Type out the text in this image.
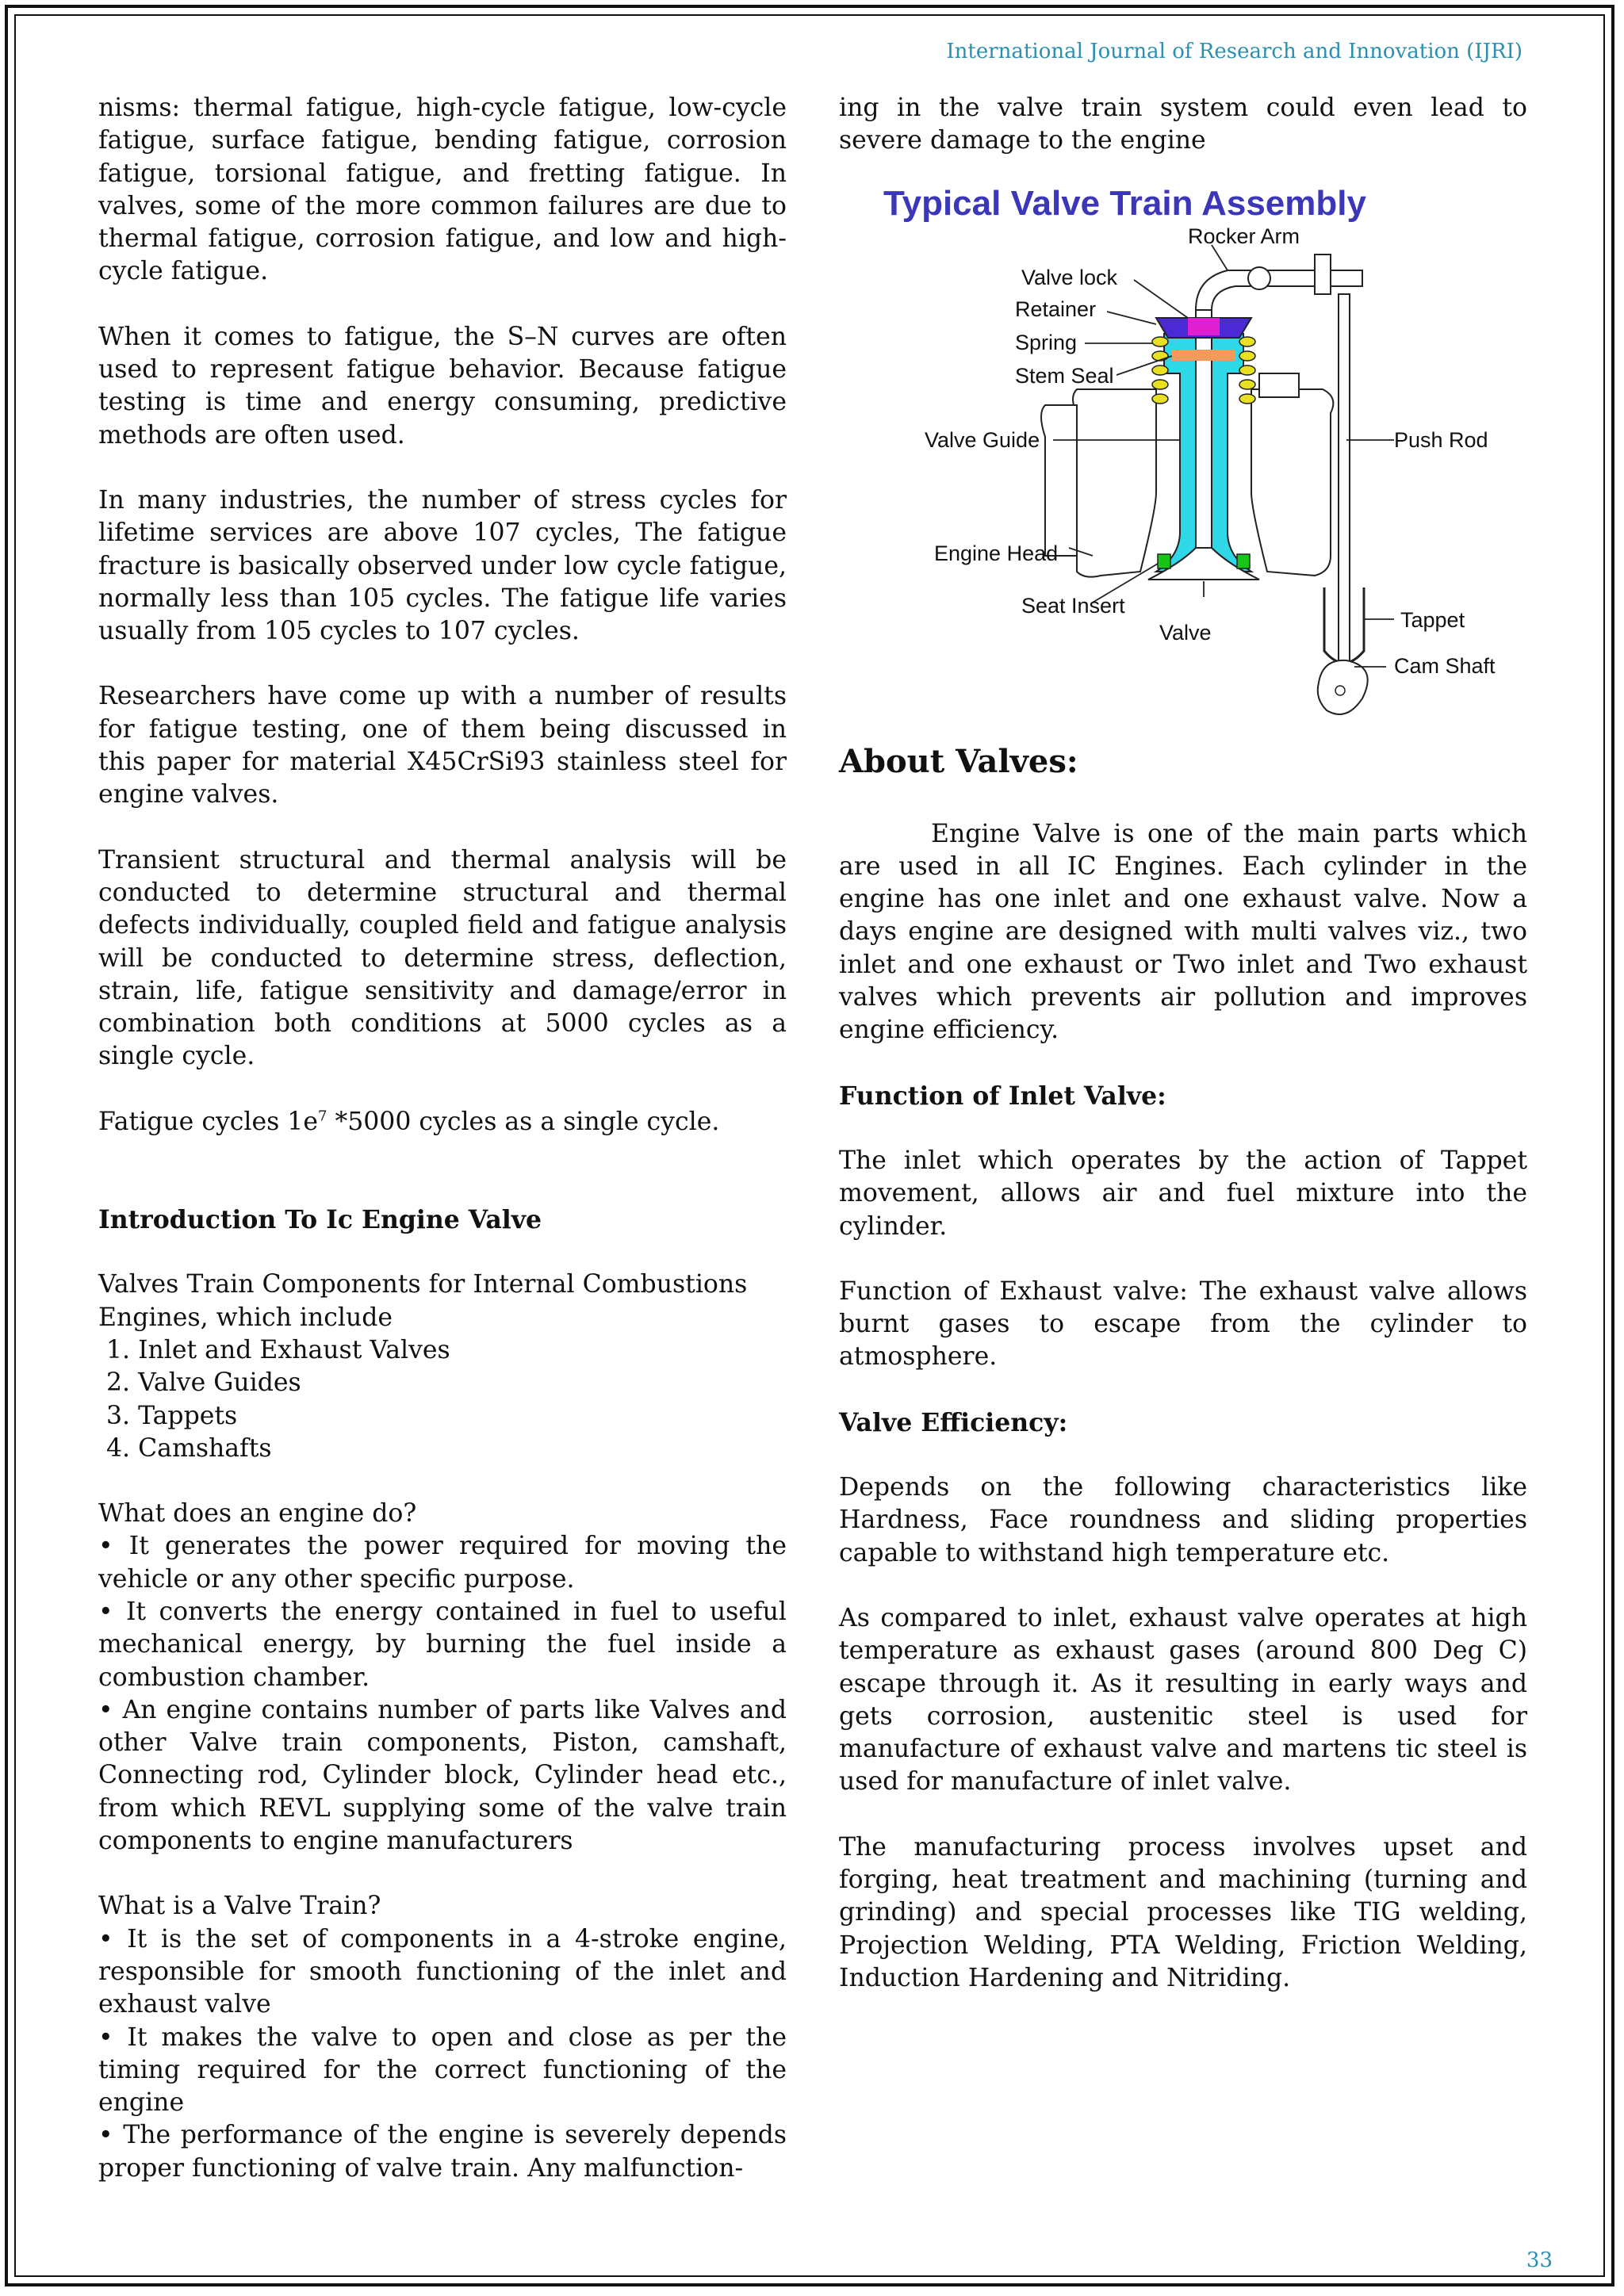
International Journal of Research and Innovation (IJRI)

nisms: thermal fatigue, high-cycle fatigue, low-cycle fatigue, surface fatigue, bending fatigue, corrosion fatigue, torsional fatigue, and fretting fatigue. In valves, some of the more common failures are due to thermal fatigue, corrosion fatigue, and low and high-cycle fatigue.

When it comes to fatigue, the S–N curves are often used to represent fatigue behavior. Because fatigue testing is time and energy consuming, predictive methods are often used.

In many industries, the number of stress cycles for lifetime services are above 107 cycles, The fatigue fracture is basically observed under low cycle fatigue, normally less than 105 cycles. The fatigue life varies usually from 105 cycles to 107 cycles.

Researchers have come up with a number of results for fatigue testing, one of them being discussed in this paper for material X45CrSi93 stainless steel for engine valves.

Transient structural and thermal analysis will be conducted to determine structural and thermal defects individually, coupled field and fatigue analysis will be conducted to determine stress, deflection, strain, life, fatigue sensitivity and damage/error in combination both conditions at 5000 cycles as a single cycle.

Fatigue cycles $1e^7$ *5000 cycles as a single cycle.

Introduction To Ic Engine Valve

Valves Train Components for Internal Combustions Engines, which include

1. Inlet and Exhaust Valves

2. Valve Guides

3. Tappets

4. Camshafts

What does an engine do?

• It generates the power required for moving the vehicle or any other specific purpose.

• It converts the energy contained in fuel to useful mechanical energy, by burning the fuel inside a combustion chamber.

• An engine contains number of parts like Valves and other Valve train components, Piston, camshaft, Connecting rod, Cylinder block, Cylinder head etc., from which REVL supplying some of the valve train components to engine manufacturers

What is a Valve Train?

• It is the set of components in a 4-stroke engine, responsible for smooth functioning of the inlet and exhaust valve

• It makes the valve to open and close as per the timing required for the correct functioning of the engine

• The performance of the engine is severely depends proper functioning of valve train. Any malfunction-

ing in the valve train system could even lead to severe damage to the engine

Typical Valve Train Assembly
Rocker Arm
Valve lock
Retainer
Spring
Stem Seal
Valve Guide	Push Rod
Engine Head
Seat Insert
Valve
Tappet
Cam Shaft

About Valves:

Engine Valve is one of the main parts which are used in all IC Engines. Each cylinder in the engine has one inlet and one exhaust valve. Now a days engine are designed with multi valves viz., two inlet and one exhaust or Two inlet and Two exhaust valves which prevents air pollution and improves engine efficiency.

Function of Inlet Valve:

The inlet which operates by the action of Tappet movement, allows air and fuel mixture into the cylinder.

Function of Exhaust valve: The exhaust valve allows burnt gases to escape from the cylinder to atmosphere.

Valve Efficiency:

Depends on the following characteristics like Hardness, Face roundness and sliding properties capable to withstand high temperature etc.

As compared to inlet, exhaust valve operates at high temperature as exhaust gases (around 800 Deg C) escape through it. As it resulting in early ways and gets corrosion, austenitic steel is used for manufacture of exhaust valve and martens tic steel is used for manufacture of inlet valve.

The manufacturing process involves upset and forging, heat treatment and machining (turning and grinding) and special processes like TIG welding, Projection Welding, PTA Welding, Friction Welding, Induction Hardening and Nitriding.

33
